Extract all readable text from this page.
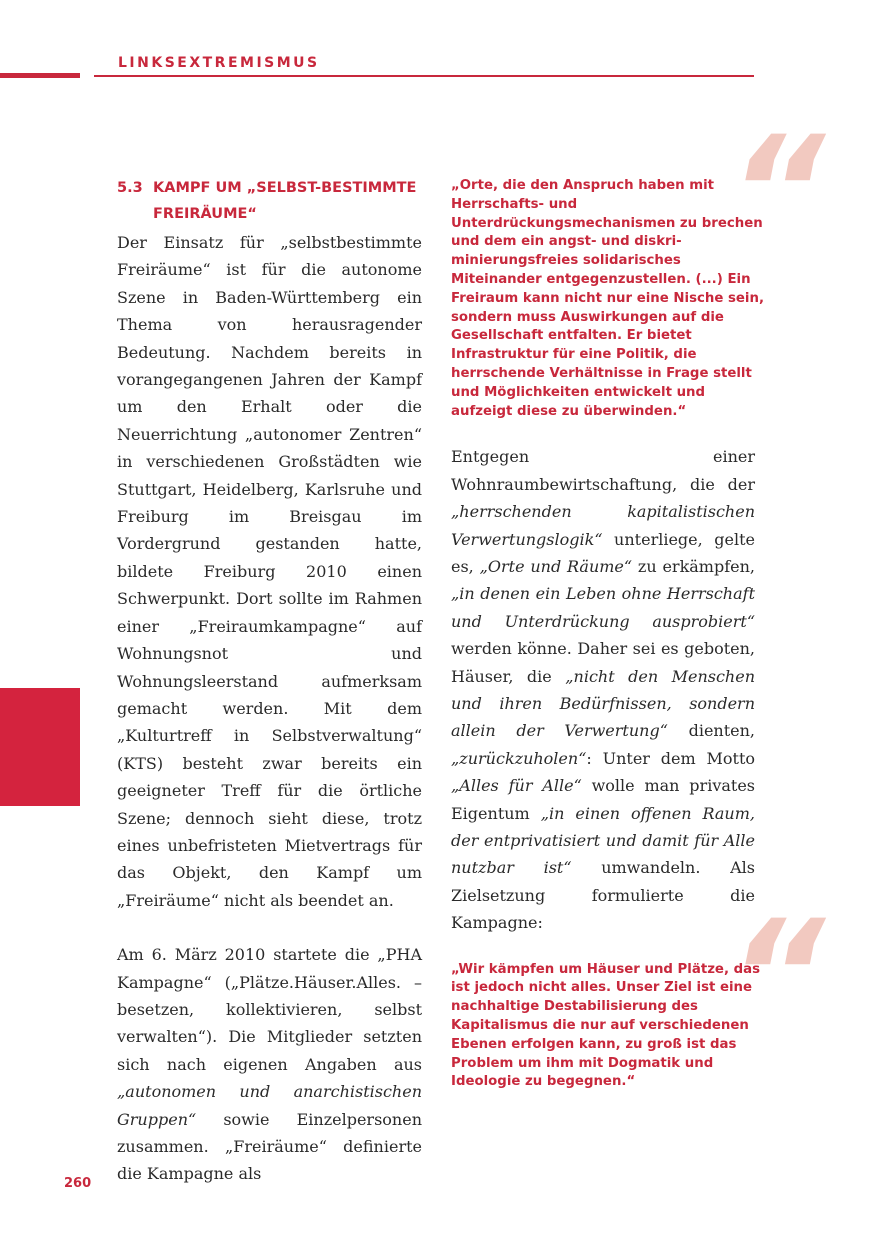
LINKSEXTREMISMUS
5.3 KAMPF UM „SELBST-BESTIMMTE FREIRÄUME“

Der Einsatz für „selbstbestimmte Freiräume“ ist für die autonome Szene in Baden-Württemberg ein Thema von herausragender Bedeutung. Nachdem bereits in vorangegangenen Jahren der Kampf um den Erhalt oder die Neuerrichtung „autonomer Zentren“ in verschiedenen Großstädten wie Stuttgart, Heidelberg, Karlsruhe und Freiburg im Breisgau im Vordergrund gestanden hatte, bildete Freiburg 2010 einen Schwerpunkt. Dort sollte im Rahmen einer „Freiraumkampagne“ auf Wohnungsnot und Wohnungsleerstand aufmerksam gemacht werden. Mit dem „Kulturtreff in Selbstverwaltung“ (KTS) besteht zwar bereits ein geeigneter Treff für die örtliche Szene; dennoch sieht diese, trotz eines unbefristeten Mietvertrags für das Objekt, den Kampf um „Freiräume“ nicht als beendet an.

Am 6. März 2010 startete die „PHA Kampagne“ („Plätze.Häuser.Alles. – besetzen, kollektivieren, selbst verwalten“). Die Mitglieder setzten sich nach eigenen Angaben aus „autonomen und anarchistischen Gruppen“ sowie Einzelpersonen zusammen. „Freiräume“ definierte die Kampagne als

“

„Orte, die den Anspruch haben mit Herrschafts- und Unterdrückungsmechanismen zu brechen und dem ein angst- und diskri-minierungsfreies solidarisches Miteinander entgegenzustellen. (...) Ein Freiraum kann nicht nur eine Nische sein, sondern muss Auswirkungen auf die Gesellschaft entfalten. Er bietet Infrastruktur für eine Politik, die herrschende Verhältnisse in Frage stellt und Möglichkeiten entwickelt und aufzeigt diese zu überwinden.“

Entgegen einer Wohnraumbewirtschaftung, die der „herrschenden kapitalistischen Verwertungslogik“ unterliege, gelte es, „Orte und Räume“ zu erkämpfen, „in denen ein Leben ohne Herrschaft und Unterdrückung ausprobiert“ werden könne. Daher sei es geboten, Häuser, die „nicht den Menschen und ihren Bedürfnissen, sondern allein der Verwertung“ dienten, „zurückzuholen“: Unter dem Motto „Alles für Alle“ wolle man privates Eigentum „in einen offenen Raum, der entprivatisiert und damit für Alle nutzbar ist“ umwandeln. Als Zielsetzung formulierte die Kampagne:	“

„Wir kämpfen um Häuser und Plätze, das ist jedoch nicht alles. Unser Ziel ist eine nachhaltige Destabilisierung des Kapitalismus die nur auf verschiedenen Ebenen erfolgen kann, zu groß ist das Problem um ihm mit Dogmatik und Ideologie zu begegnen.“

260
